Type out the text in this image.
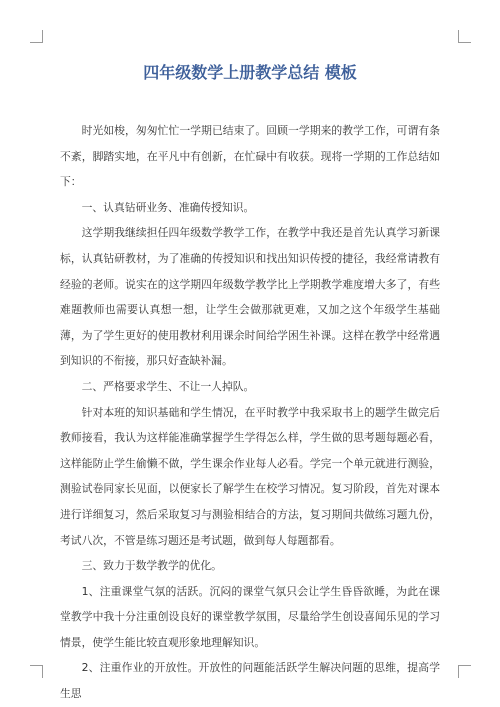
四年级数学上册教学总结 模板

时光如梭，匆匆忙忙一学期已结束了。回顾一学期来的教学工作，可谓有条不紊，脚踏实地，在平凡中有创新，在忙碌中有收获。现将一学期的工作总结如下：

一、认真钻研业务、准确传授知识。

这学期我继续担任四年级数学教学工作，在教学中我还是首先认真学习新课标，认真钻研教材，为了准确的传授知识和找出知识传授的捷径，我经常请教有经验的老师。说实在的这学期四年级数学教学比上学期教学难度增大多了，有些难题教师也需要认真想一想，让学生会做那就更难，又加之这个年级学生基础薄，为了学生更好的使用教材利用课余时间给学困生补课。这样在教学中经常遇到知识的不衔接，那只好查缺补漏。

二、严格要求学生、不让一人掉队。

针对本班的知识基础和学生情况，在平时教学中我采取书上的题学生做完后教师接看，我认为这样能准确掌握学生学得怎么样，学生做的思考题每题必看，这样能防止学生偷懒不做，学生课余作业每人必看。学完一个单元就进行测验，测验试卷同家长见面，以便家长了解学生在校学习情况。复习阶段，首先对课本进行详细复习，然后采取复习与测验相结合的方法，复习期间共做练习题九份，考试八次，不管是练习题还是考试题，做到每人每题都看。

三、致力于数学教学的优化。

1、注重课堂气氛的活跃。沉闷的课堂气氛只会让学生昏昏欲睡，为此在课堂教学中我十分注重创设良好的课堂教学氛围，尽量给学生创设喜闻乐见的学习情景，使学生能比较直观形象地理解知识。

2、注重作业的开放性。开放性的问题能活跃学生解决问题的思维，提高学生思
